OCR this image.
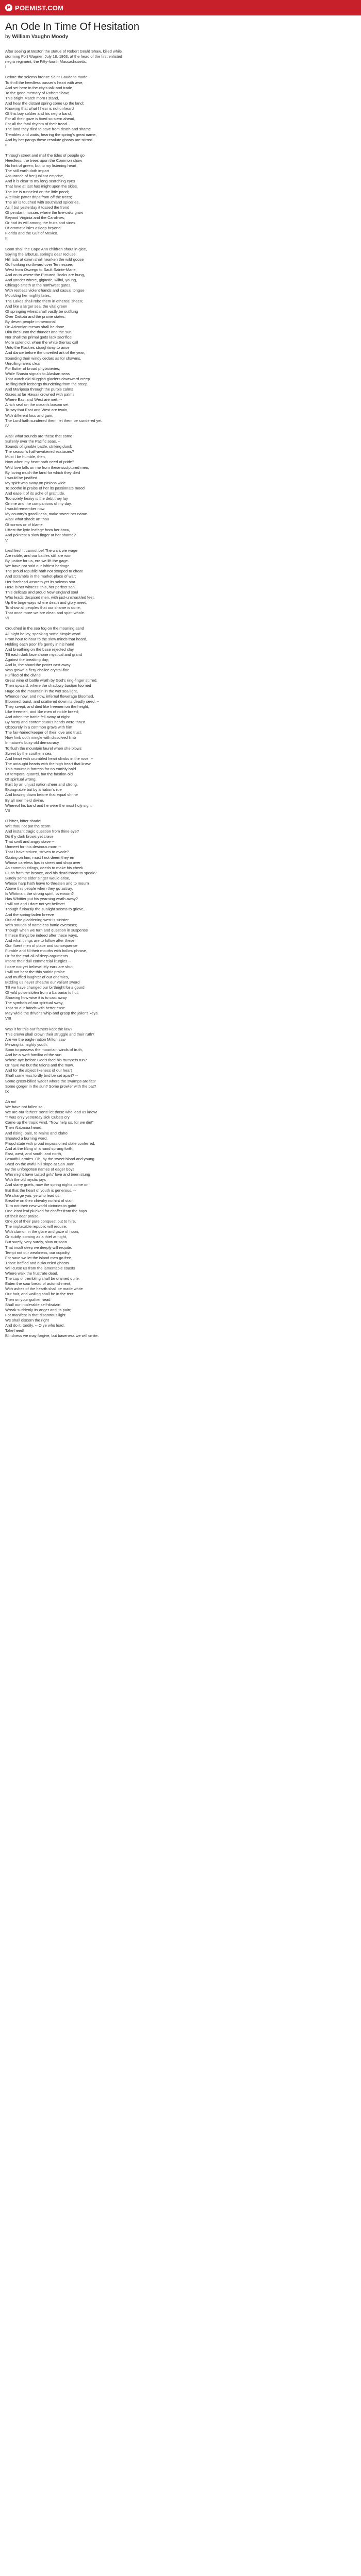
P POEMIST.COM
An Ode In Time Of Hesitation
by William Vaughn Moody
After seeing at Boston the statue of Robert Gould Shaw, killed while
storming Fort Wagner, July 18, 1863, at the head of the first enlisted
negro regiment, the Fifty-fourth Massachusetts.
I

Before the solemn bronze Saint Gaudens made
To thrill the heedless passer's heart with awe,
And set here in the city's talk and trade
To the good memory of Robert Shaw,
This bright March morn I stand,
And hear the distant spring come up the land;
Knowing that what I hear is not unheard
Of this boy soldier and his negro band,
For all their gaze is fixed so stern ahead,
For all the fatal rhythm of their tread.
The land they died to save from death and shame
Trembles and waits, hearing the spring's great name,
And by her pangs these resolute ghosts are stirred.
II

Through street and mall the tides of people go
Heedless; the trees upon the Common show
No hint of green; but to my listening heart
The still earth doth impart
Assurance of her jubilant emprise,
And it is clear to my long-searching eyes
That love at last has might upon the skies.
The ice is runneled on the little pond;
A telltale patter drips from off the trees;
The air is touched with southland spiceries,
As if but yesterday it tossed the frond
Of pendant mosses where the live-oaks grow
Beyond Virginia and the Carolines,
Or had its will among the fruits and vines
Of aromatic isles asleep beyond
Florida and the Gulf of Mexico.
III

Soon shall the Cape Ann children shout in glee,
Spying the arbutus, spring's dear recluse;
Hill lads at dawn shall hearken the wild goose
Go honking northward over Tennessee;
West from Oswego to Sault Sainte-Marie,
And on to where the Pictured Rocks are hung,
And yonder where, gigantic, wilful, young,
Chicago sitteth at the northwest gates,
With restless violent hands and casual tongue
Moulding her mighty fates,
The Lakes shall robe them in ethereal sheen;
And like a larger sea, the vital green
Of springing wheat shall vastly be outflung
Over Dakota and the prairie states.
By desert people immemorial
On Arizonian mesas shall be done
Dim rites unto the thunder and the sun;
Nor shall the primal gods lack sacrifice
More splendid, when the white Sierras call
Unto the Rockies straightway to arise
And dance before the unveiled ark of the year,
Sounding their windy cedars as for shawms,
Unrolling rivers clear
For flutter of broad phylacteries;
While Shasta signals to Alaskan seas
That watch old sluggish glaciers downward creep
To fling their icebergs thundering from the steep,
And Mariposa through the purple calms
Gazes at far Hawaii crowned with palms
Where East and West are met, --
A rich seal on the ocean's bosom set
To say that East and West are twain,
With different loss and gain:
The Lord hath sundered them; let them be sundered yet.
IV

Alas! what sounds are these that come
Sullenly over the Pacific seas, --
Sounds of ignoble battle, striking dumb
The season's half-awakened ecstasies?
Must I be humble, then,
Now when my heart hath need of pride?
Wild love falls on me from these sculptured men;
By loving much the land for which they died
I would be justified.
My spirit was away on pinions wide
To soothe in praise of her its passionate mood
And ease it of its ache of gratitude.
Too sorely heavy is the debt they lay
On me and the companions of my day.
I would remember now
My country's goodliness, make sweet her name.
Alas! what shade art thou
Of sorrow or of blame
Liftest the lyric leafage from her brow,
And pointest a slow finger at her shame?
V

Lies! lies! It cannot be! The wars we wage
Are noble, and our battles still are won
By justice for us, ere we lift the gage.
We have not sold our loftiest heritage.
The proud republic hath not stooped to cheat
And scramble in the market-place of war;
Her forehead weareth yet its solemn star.
Here is her witness: this, her perfect son,
This delicate and proud New England soul
Who leads despised men, with just-unshackled feet,
Up the large ways where death and glory meet,
To show all peoples that our shame is done,
That once more we are clean and spirit-whole.
VI

Crouched in the sea fog on the moaning sand
All night he lay, speaking some simple word
From hour to hour to the slow minds that heard,
Holding each poor life gently in his hand
And breathing on the base rejected clay
Till each dark face shone mystical and grand
Against the breaking day;
And lo, the shard the potter cast away
Was grown a fiery chalice crystal-fine
Fulfilled of the divine
Great wine of battle wrath by God's ring-finger stirred.
Then upward, where the shadowy bastion loomed
Huge on the mountain in the wet sea light,
Whence now, and now, infernal flowerage bloomed,
Bloomed, burst, and scattered down its deadly seed, --
They swept, and died like freemen on the height,
Like freemen, and like men of noble breed;
And when the battle fell away at night
By hasty and contemptuous hands were thrust
Obscurely in a common grave with him
The fair-haired keeper of their love and trust.
Now limb doth mingle with dissolved limb
In nature's busy old democracy
To flush the mountain laurel when she blows
Sweet by the southern sea,
And heart with crumbled heart climbs in the rose: --
The untaught hearts with the high heart that knew
This mountain fortress for no earthly hold
Of temporal quarrel, but the bastion old
Of spiritual wrong,
Built by an unjust nation sheer and strong,
Expugnable but by a nation's rue
And bowing down before that equal shrine
By all men held divine,
Whereof his band and he were the most holy sign.
VII

O bitter, bitter shade!
Wilt thou not put the scorn
And instant tragic question from thine eye?
Do thy dark brows yet crave
That swift and angry stave --
Unmeet for this desirous morn --
That I have striven, striven to evade?
Gazing on him, must I not deem they err
Whose careless lips in street and shop aver
As common tidings, deeds to make his cheek
Flush from the bronze, and his dead throat to speak?
Surely some elder singer would arise,
Whose harp hath leave to threaten and to mourn
Above this people when they go astray.
Is Whitman, the strong spirit, overworn?
Has Whittier put his yearning wrath away?
I will not and I dare not yet believe!
Though furiously the sunlight seems to grieve,
And the spring-laden breeze
Out of the gladdening west is sinister
With sounds of nameless battle overseas;
Though when we turn and question in suspense
If these things be indeed after these ways,
And what things are to follow after these,
Our fluent men of place and consequence
Fumble and fill their mouths with hollow phrase,
Or for the end-all of deep arguments
Intone their dull commercial liturgies --
I dare not yet believe! My ears are shut!
I will not hear the thin satiric praise
And muffled laughter of our enemies,
Bidding us never sheathe our valiant sword
Till we have changed our birthright for a gourd
Of wild pulse stolen from a barbarian's hut;
Showing how wise it is to cast away
The symbols of our spiritual sway,
That so our hands with better ease
May wield the driver's whip and grasp the jailer's keys.
VIII

Was it for this our fathers kept the law?
This crown shall crown their struggle and their ruth?
Are we the eagle nation Milton saw
Mewing its mighty youth,
Soon to possess the mountain winds of truth,
And be a swift familiar of the sun
Where aye before God's face his trumpets run?
Or have we but the talons and the maw,
And for the abject likeness of our heart
Shall some less lordly bird be set apart? --
Some gross-billed wader where the swamps are fat?
Some gorger in the sun? Some prowler with the bat?
IX

Ah no!
We have not fallen so.
We are our fathers' sons: let those who lead us know!
'T was only yesterday sick Cuba's cry
Came up the tropic wind, "Now help us, for we die!"
Then Alabama heard,
And rising, pale, to Maine and Idaho
Shouted a burning word.
Proud state with proud impassioned state conferred,
And at the lifting of a hand sprang forth,
East, west, and south, and north,
Beautiful armies. Oh, by the sweet blood and young
Shed on the awful hill slope at San Juan,
By the unforgotten names of eager boys
Who might have tasted girls' love and been stung
With the old mystic joys
And starry griefs, now the spring nights come on,
But that the heart of youth is generous, --
We charge you, ye who lead us,
Breathe on their chivalry no hint of stain!
Turn not their new-world victories to gain!
One least leaf plucked for chaffer from the bays
Of their dear praise,
One jot of their pure conquest put to hire,
The implacable republic will require;
With clamor, in the glare and gaze of noon,
Or subtly, coming as a thief at night,
But surely, very surely, slow or soon
That insult deep we deeply will requite.
Tempt not our weakness, our cupidity!
For save we let the island men go free,
Those baffled and dislaureled ghosts
Will curse us from the lamentable coasts
Where walk the frustrate dead.
The cup of trembling shall be drained quite,
Eaten the sour bread of astonishment,
With ashes of the hearth shall be made white
Our hair, and wailing shall be in the tent;
Then on your guiltier head
Shall our intolerable self-disdain
Wreak suddenly its anger and its pain;
For manifest in that disastrous light
We shall discern the right
And do it, tardily. -- O ye who lead,
Take heed!
Blindness we may forgive, but baseness we will smite.
